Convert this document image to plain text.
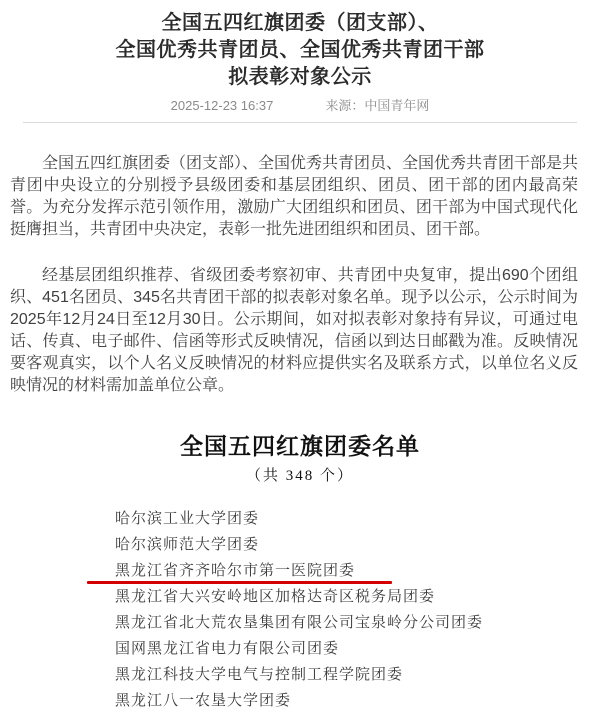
全国五四红旗团委（团支部）、
全国优秀共青团员、全国优秀共青团干部
拟表彰对象公示
2025-12-23 16:37	来源：中国青年网

全国五四红旗团委（团支部）、全国优秀共青团员、全国优秀共青团干部是共青团中央设立的分别授予县级团委和基层团组织、团员、团干部的团内最高荣誉。为充分发挥示范引领作用，激励广大团组织和团员、团干部为中国式现代化挺膺担当，共青团中央决定，表彰一批先进团组织和团员、团干部。

经基层团组织推荐、省级团委考察初审、共青团中央复审，提出690个团组织、451名团员、345名共青团干部的拟表彰对象名单。现予以公示，公示时间为2025年12月24日至12月30日。公示期间，如对拟表彰对象持有异议，可通过电话、传真、电子邮件、信函等形式反映情况，信函以到达日邮戳为准。反映情况要客观真实，以个人名义反映情况的材料应提供实名及联系方式，以单位名义反映情况的材料需加盖单位公章。

全国五四红旗团委名单
（共 348 个）
哈尔滨工业大学团委
哈尔滨师范大学团委
黑龙江省齐齐哈尔市第一医院团委
黑龙江省大兴安岭地区加格达奇区税务局团委
黑龙江省北大荒农垦集团有限公司宝泉岭分公司团委
国网黑龙江省电力有限公司团委
黑龙江科技大学电气与控制工程学院团委
黑龙江八一农垦大学团委
